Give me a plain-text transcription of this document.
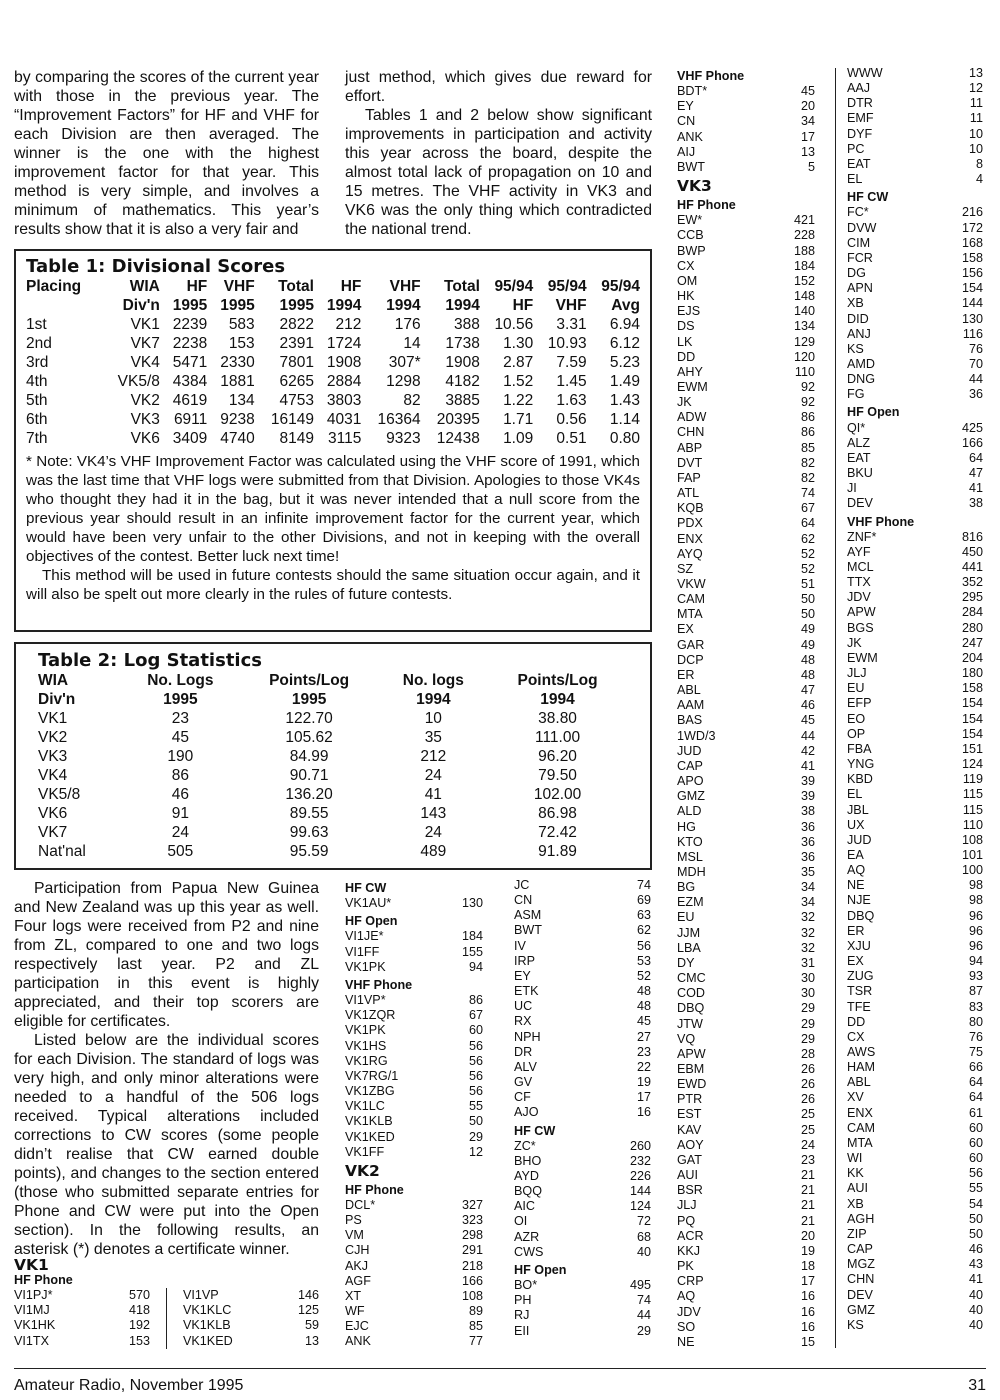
by comparing the scores of the current year with those in the previous year. The “Improvement Factors” for HF and VHF for each Division are then averaged. The winner is the one with the highest improvement factor for that year. This method is very simple, and involves a minimum of mathematics. This year’s results show that it is also a very fair and

just method, which gives due reward for effort.

Tables 1 and 2 below show significant improvements in participation and activity this year across the board, despite the almost total lack of propagation on 10 and 15 metres. The VHF activity in VK3 and VK6 was the only thing which contradicted the national trend.

Table 1: Divisional Scores
Placing	WIA	HF	VHF	Total	HF	VHF	Total	95/94	95/94	95/94
	Div'n	1995	1995	1995	1994	1994	1994	HF	VHF	Avg
1st	VK1	2239	583	2822	212	176	388	10.56	3.31	6.94
2nd	VK7	2238	153	2391	1724	14	1738	1.30	10.93	6.12
3rd	VK4	5471	2330	7801	1908	307*	1908	2.87	7.59	5.23
4th	VK5/8	4384	1881	6265	2884	1298	4182	1.52	1.45	1.49
5th	VK2	4619	134	4753	3803	82	3885	1.22	1.63	1.43
6th	VK3	6911	9238	16149	4031	16364	20395	1.71	0.56	1.14
7th	VK6	3409	4740	8149	3115	9323	12438	1.09	0.51	0.80
* Note: VK4’s VHF Improvement Factor was calculated using the VHF score of 1991, which was the last time that VHF logs were submitted from that Division. Apologies to those VK4s who thought they had it in the bag, but it was never intended that a null score from the previous year should result in an infinite improvement factor for the current year, which would have been very unfair to the other Divisions, and not in keeping with the overall objectives of the contest. Better luck next time!
This method will be used in future contests should the same situation occur again, and it will also be spelt out more clearly in the rules of future contests.
Table 2: Log Statistics
WIA	No. Logs	Points/Log	No. logs	Points/Log
Div'n	1995	1995	1994	1994
VK1	23	122.70	10	38.80
VK2	45	105.62	35	111.00
VK3	190	84.99	212	96.20
VK4	86	90.71	24	79.50
VK5/8	46	136.20	41	102.00
VK6	91	89.55	143	86.98
VK7	24	99.63	24	72.42
Nat'nal	505	95.59	489	91.89

Participation from Papua New Guinea and New Zealand was up this year as well. Four logs were received from P2 and nine from ZL, compared to one and two logs respectively last year. P2 and ZL participation in this event is highly appreciated, and their top scorers are eligible for certificates.

Listed below are the individual scores for each Division. The standard of logs was very high, and only minor alterations were needed to a handful of the 506 logs received. Typical alterations included corrections to CW scores (some people didn’t realise that CW earned double points), and changes to the section entered (those who submitted separate entries for Phone and CW were put into the Open section). In the following results, an asterisk (*) denotes a certificate winner.

VK1
HF Phone
VI1PJ*	570
VI1MJ	418
VK1HK	192
VI1TX	153
VI1VP	146
VK1KLC	125
VK1KLB	59
VK1KED	13
HF CW
VK1AU*	130
HF Open
VI1JE*	184
VI1FF	155
VK1PK	94
VHF Phone
VI1VP*	86
VK1ZQR	67
VK1PK	60
VK1HS	56
VK1RG	56
VK7RG/1	56
VK1ZBG	56
VK1LC	55
VK1KLB	50
VK1KED	29
VK1FF	12
VK2
HF Phone
DCL*	327
PS	323
VM	298
CJH	291
AKJ	218
AGF	166
XT	108
WF	89
EJC	85
ANK	77
JC	74
CN	69
ASM	63
BWT	62
IV	56
IRP	53
EY	52
ETK	48
UC	48
RX	45
NPH	27
DR	23
ALV	22
GV	19
CF	17
AJO	16
HF CW
ZC*	260
BHO	232
AYD	226
BQQ	144
AIC	124
OI	72
AZR	68
CWS	40
HF Open
BO*	495
PH	74
RJ	44
EII	29
VHF Phone
BDT*	45
EY	20
CN	34
ANK	17
AIJ	13
BWT	5
VK3
HF Phone
EW*	421
CCB	228
BWP	188
CX	184
OM	152
HK	148
EJS	140
DS	134
LK	129
DD	120
AHY	110
EWM	92
JK	92
ADW	86
CHN	86
ABP	85
DVT	82
FAP	82
ATL	74
KQB	67
PDX	64
ENX	62
AYQ	52
SZ	52
VKW	51
CAM	50
MTA	50
EX	49
GAR	49
DCP	48
ER	48
ABL	47
AAM	46
BAS	45
1WD/3	44
JUD	42
CAP	41
APO	39
GMZ	39
ALD	38
HG	36
KTO	36
MSL	36
MDH	35
BG	34
EZM	34
EU	32
JJM	32
LBA	32
DY	31
CMC	30
COD	30
DBQ	29
JTW	29
VQ	29
APW	28
EBM	26
EWD	26
PTR	26
EST	25
KAV	25
AOY	24
GAT	23
AUI	21
BSR	21
JLJ	21
PQ	21
ACR	20
KKJ	19
PK	18
CRP	17
AQ	16
JDV	16
SO	16
NE	15
WWW	13
AAJ	12
DTR	11
EMF	11
DYF	10
PC	10
EAT	8
EL	4
HF CW
FC*	216
DVW	172
CIM	168
FCR	158
DG	156
APN	154
XB	144
DID	130
ANJ	116
KS	76
AMD	70
DNG	44
FG	36
HF Open
QI*	425
ALZ	166
EAT	64
BKU	47
JI	41
DEV	38
VHF Phone
ZNF*	816
AYF	450
MCL	441
TTX	352
JDV	295
APW	284
BGS	280
JK	247
EWM	204
JLJ	180
EU	158
EFP	154
EO	154
OP	154
FBA	151
YNG	124
KBD	119
EL	115
JBL	115
UX	110
JUD	108
EA	101
AQ	100
NE	98
NJE	98
DBQ	96
ER	96
XJU	96
EX	94
ZUG	93
TSR	87
TFE	83
DD	80
CX	76
AWS	75
HAM	66
ABL	64
XV	64
ENX	61
CAM	60
MTA	60
WI	60
KK	56
AUI	55
XB	54
AGH	50
ZIP	50
CAP	46
MGZ	43
CHN	41
DEV	40
GMZ	40
KS	40
Amateur Radio, November 1995	31
